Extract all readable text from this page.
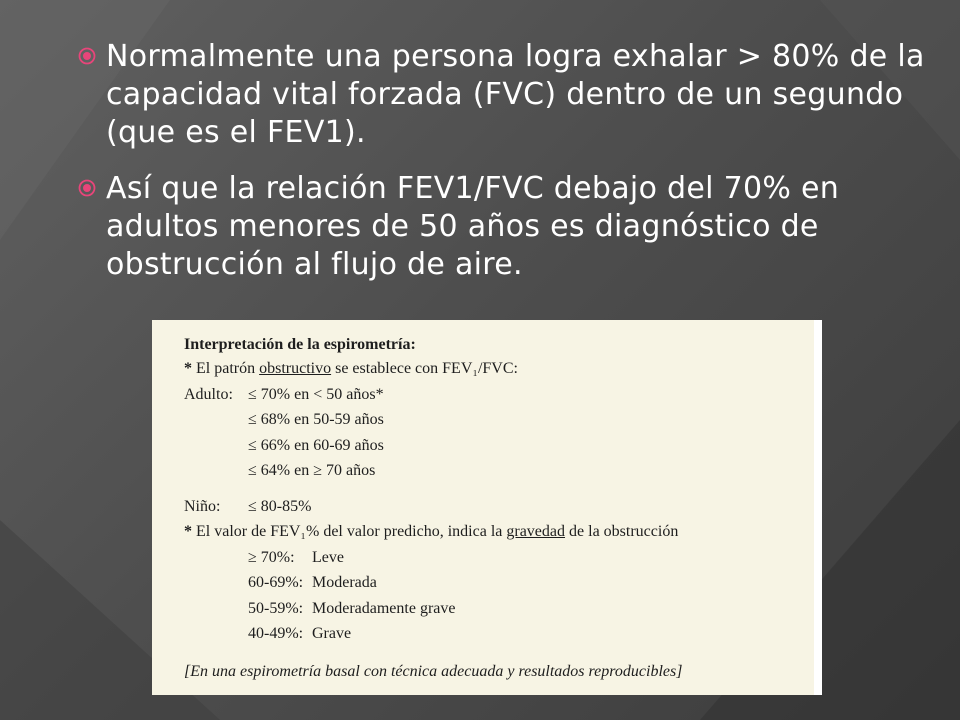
Normalmente una persona logra exhalar > 80% de la capacidad vital forzada (FVC) dentro de un segundo (que es el FEV1).
Así que la relación FEV1/FVC debajo del 70% en adultos menores de 50 años es diagnóstico de obstrucción al flujo de aire.
Interpretación de la espirometría:
* El patrón obstructivo se establece con FEV₁/FVC:
Adulto: ≤ 70% en < 50 años*
≤ 68% en 50-59 años
≤ 66% en 60-69 años
≤ 64% en ≥ 70 años
Niño: ≤ 80-85%
* El valor de FEV₁% del valor predicho, indica la gravedad de la obstrucción
≥ 70%: Leve
60-69%: Moderada
50-59%: Moderadamente grave
40-49%: Grave
[En una espirometría basal con técnica adecuada y resultados reproducibles]
